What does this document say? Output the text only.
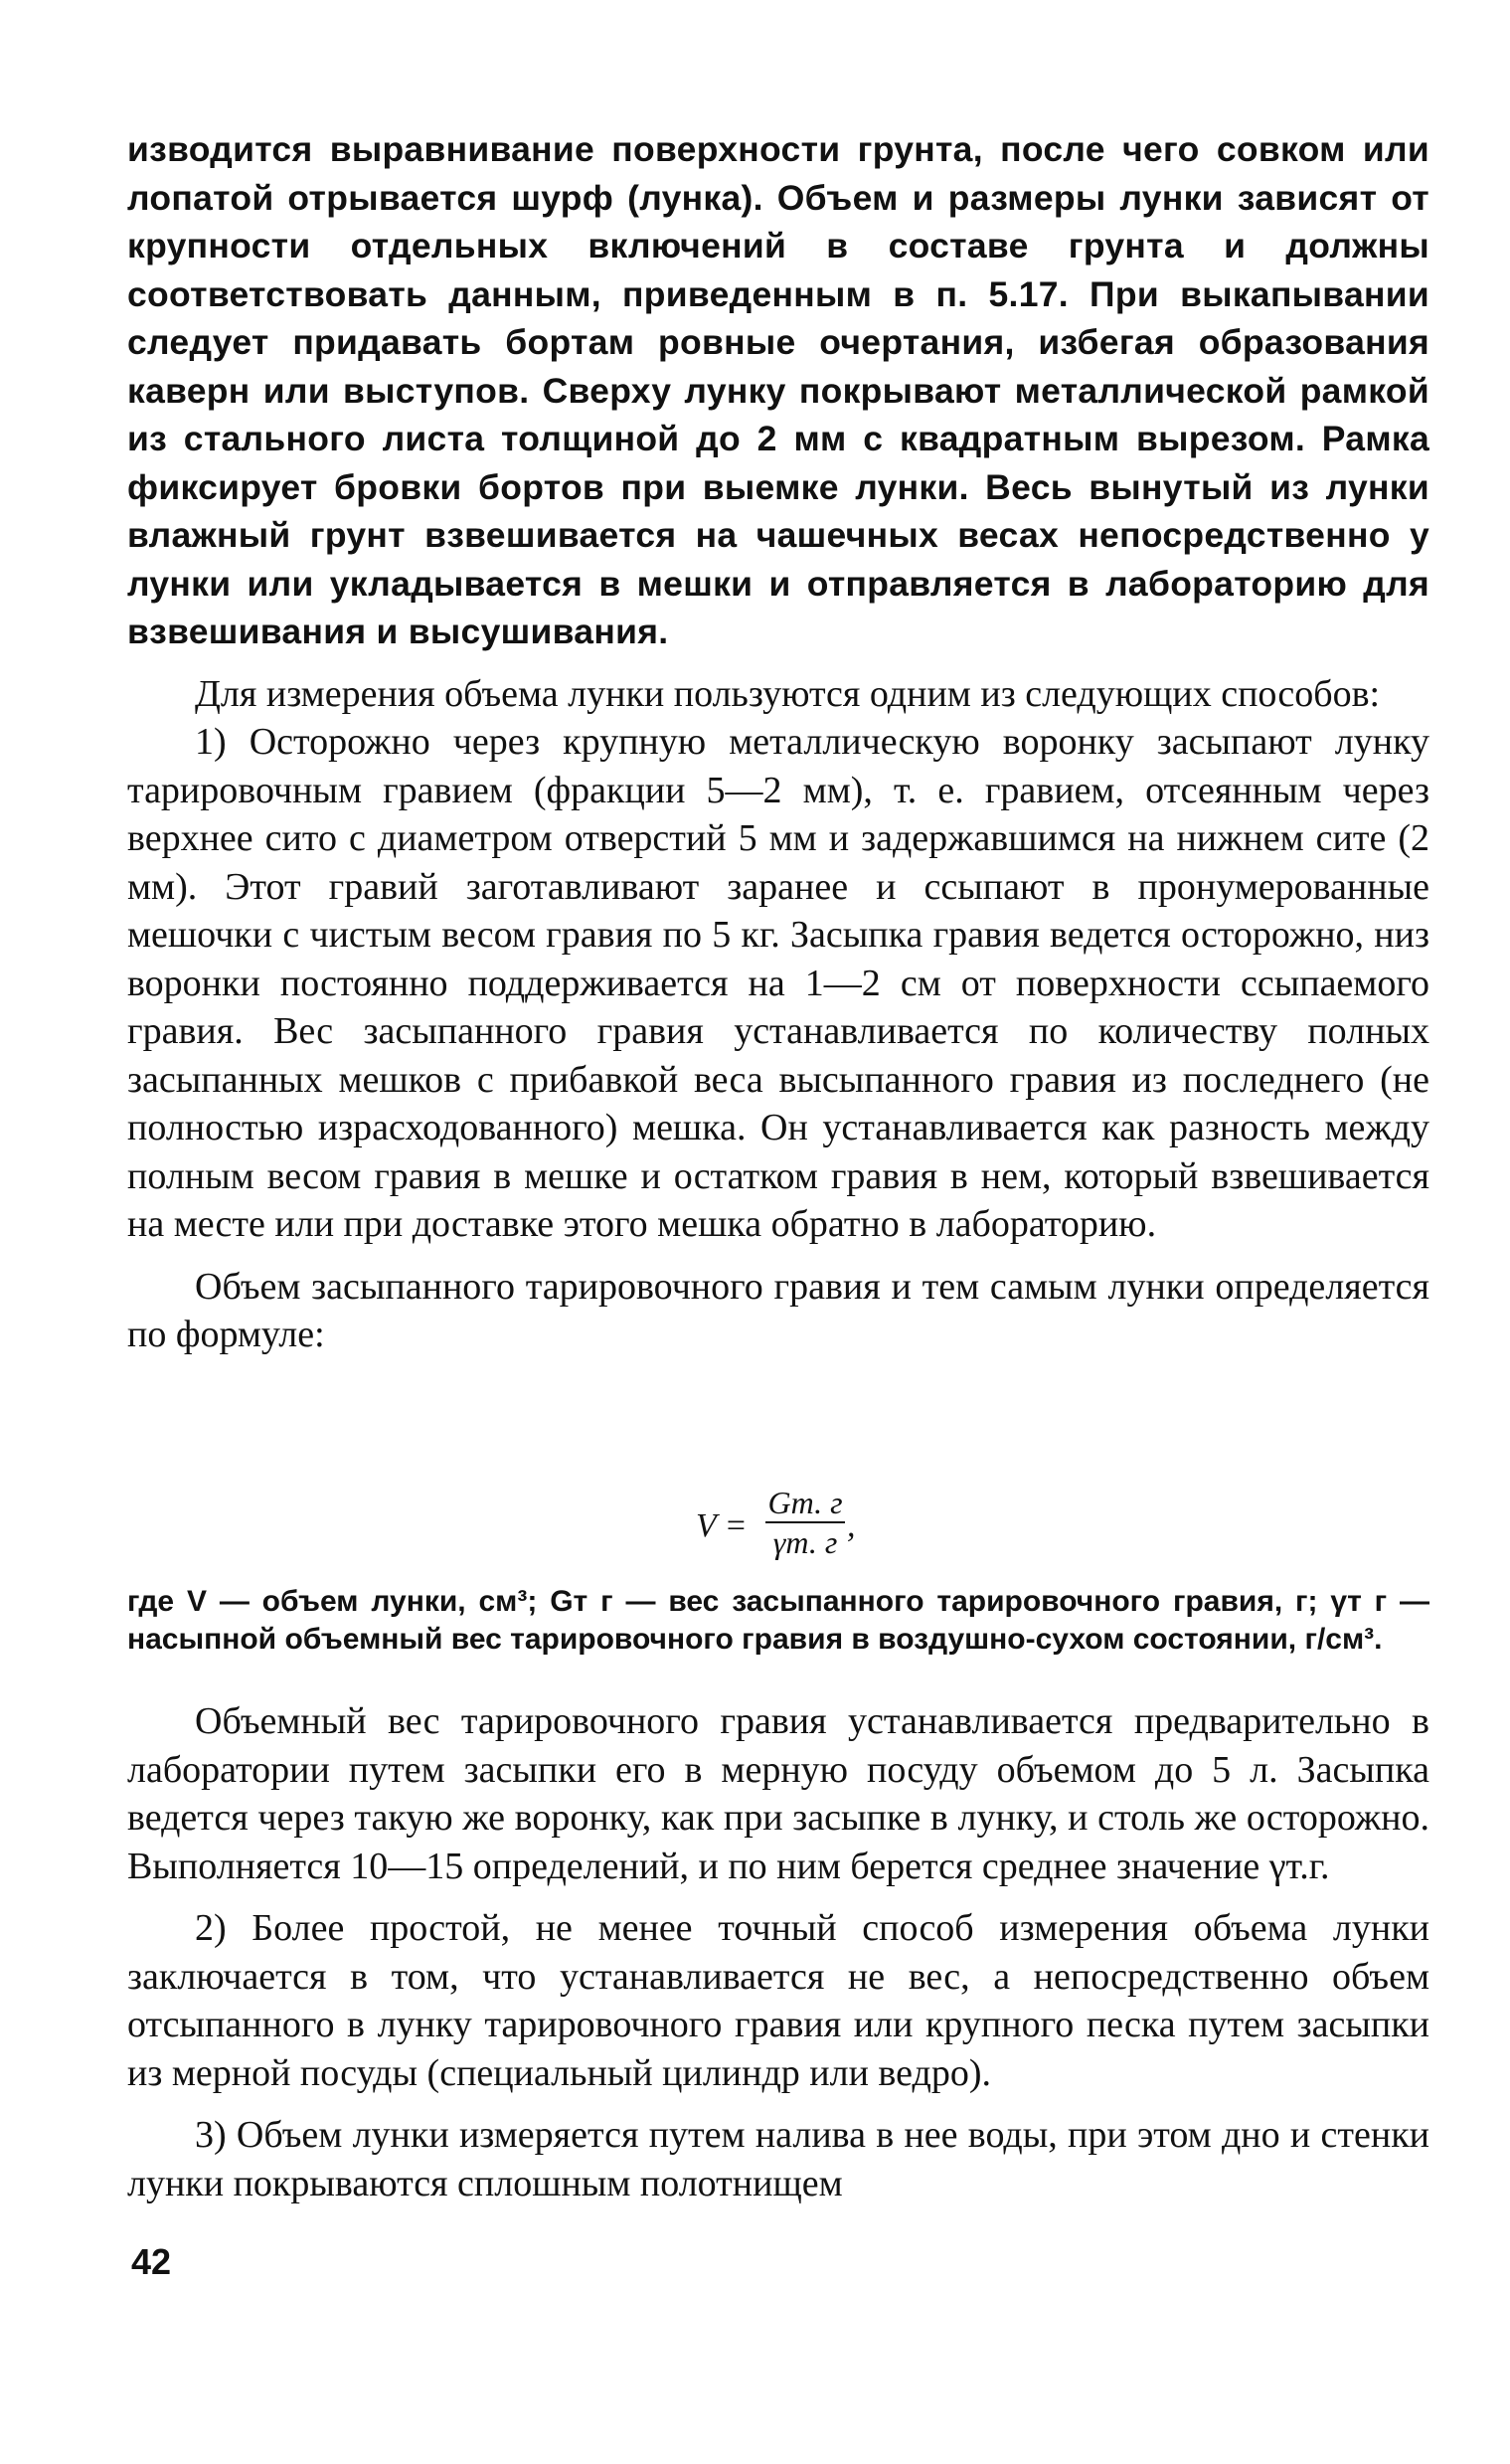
изводится выравнивание поверхности грунта, после чего совком или лопатой отрывается шурф (лунка). Объем и размеры лунки зависят от крупности отдельных включений в составе грунта и должны соответствовать данным, приведенным в п. 5.17. При выкапывании следует придавать бортам ровные очертания, избегая образования каверн или выступов. Сверху лунку покрывают металлической рамкой из стального листа толщиной до 2 мм с квадратным вырезом. Рамка фиксирует бровки бортов при выемке лунки. Весь вынутый из лунки влажный грунт взвешивается на чашечных весах непосредственно у лунки или укладывается в мешки и отправляется в лабораторию для взвешивания и высушивания.

Для измерения объема лунки пользуются одним из следующих способов:

1) Осторожно через крупную металлическую воронку засыпают лунку тарировочным гравием (фракции 5—2 мм), т. е. гравием, отсеянным через верхнее сито с диаметром отверстий 5 мм и задержавшимся на нижнем сите (2 мм). Этот гравий заготавливают заранее и ссыпают в пронумерованные мешочки с чистым весом гравия по 5 кг. Засыпка гравия ведется осторожно, низ воронки постоянно поддерживается на 1—2 см от поверхности ссыпаемого гравия. Вес засыпанного гравия устанавливается по количеству полных засыпанных мешков с прибавкой веса высыпанного гравия из последнего (не полностью израсходованного) мешка. Он устанавливается как разность между полным весом гравия в мешке и остатком гравия в нем, который взвешивается на месте или при доставке этого мешка обратно в лабораторию.

Объем засыпанного тарировочного гравия и тем самым лунки определяется по формуле:

V =
Gт. г
γт. г ,

где V — объем лунки, см³; Gт г — вес засыпанного тарировочного гравия, г; γт г — насыпной объемный вес тарировочного гравия в воздушно-сухом состоянии, г/см³.

Объемный вес тарировочного гравия устанавливается предварительно в лаборатории путем засыпки его в мерную посуду объемом до 5 л. Засыпка ведется через такую же воронку, как при засыпке в лунку, и столь же осторожно. Выполняется 10—15 определений, и по ним берется среднее значение γт.г.

2) Более простой, не менее точный способ измерения объема лунки заключается в том, что устанавливается не вес, а непосредственно объем отсыпанного в лунку тарировочного гравия или крупного песка путем засыпки из мерной посуды (специальный цилиндр или ведро).

3) Объем лунки измеряется путем налива в нее воды, при этом дно и стенки лунки покрываются сплошным полотнищем

42
